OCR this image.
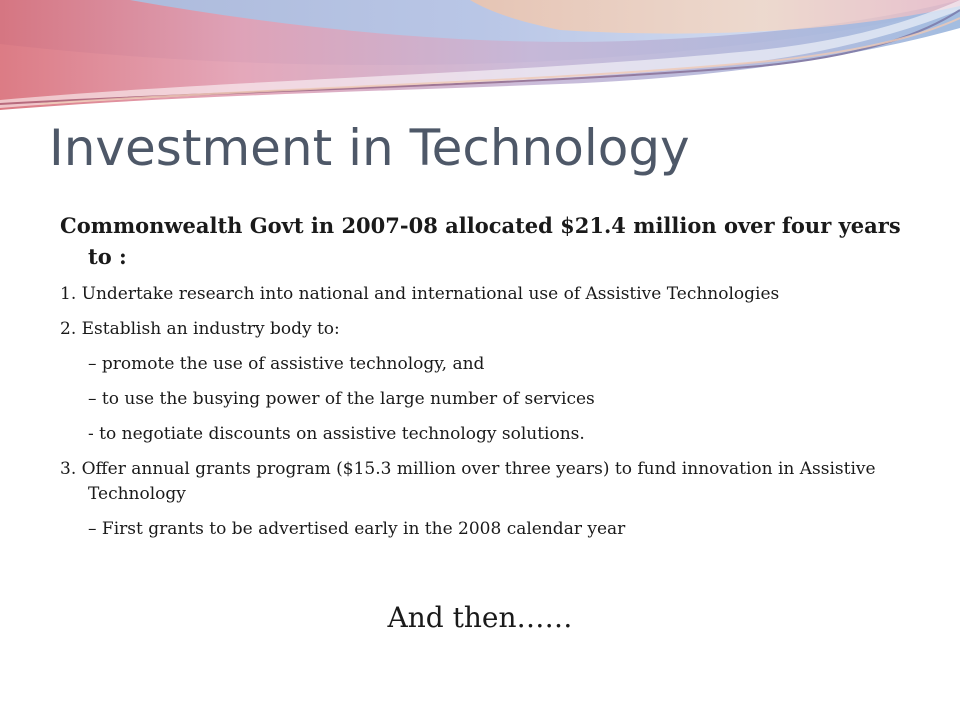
Investment in Technology

Commonwealth Govt in 2007-08 allocated $21.4 million over four years to :

1. Undertake research into national and international use of Assistive Technologies

2. Establish an industry body to:

– promote the use of assistive technology, and

– to use the busying power of the large number of services

- to negotiate discounts on assistive technology solutions.

3. Offer annual grants program ($15.3 million over three years) to fund innovation in Assistive Technology

– First grants to be advertised early in the 2008 calendar year

And then……
